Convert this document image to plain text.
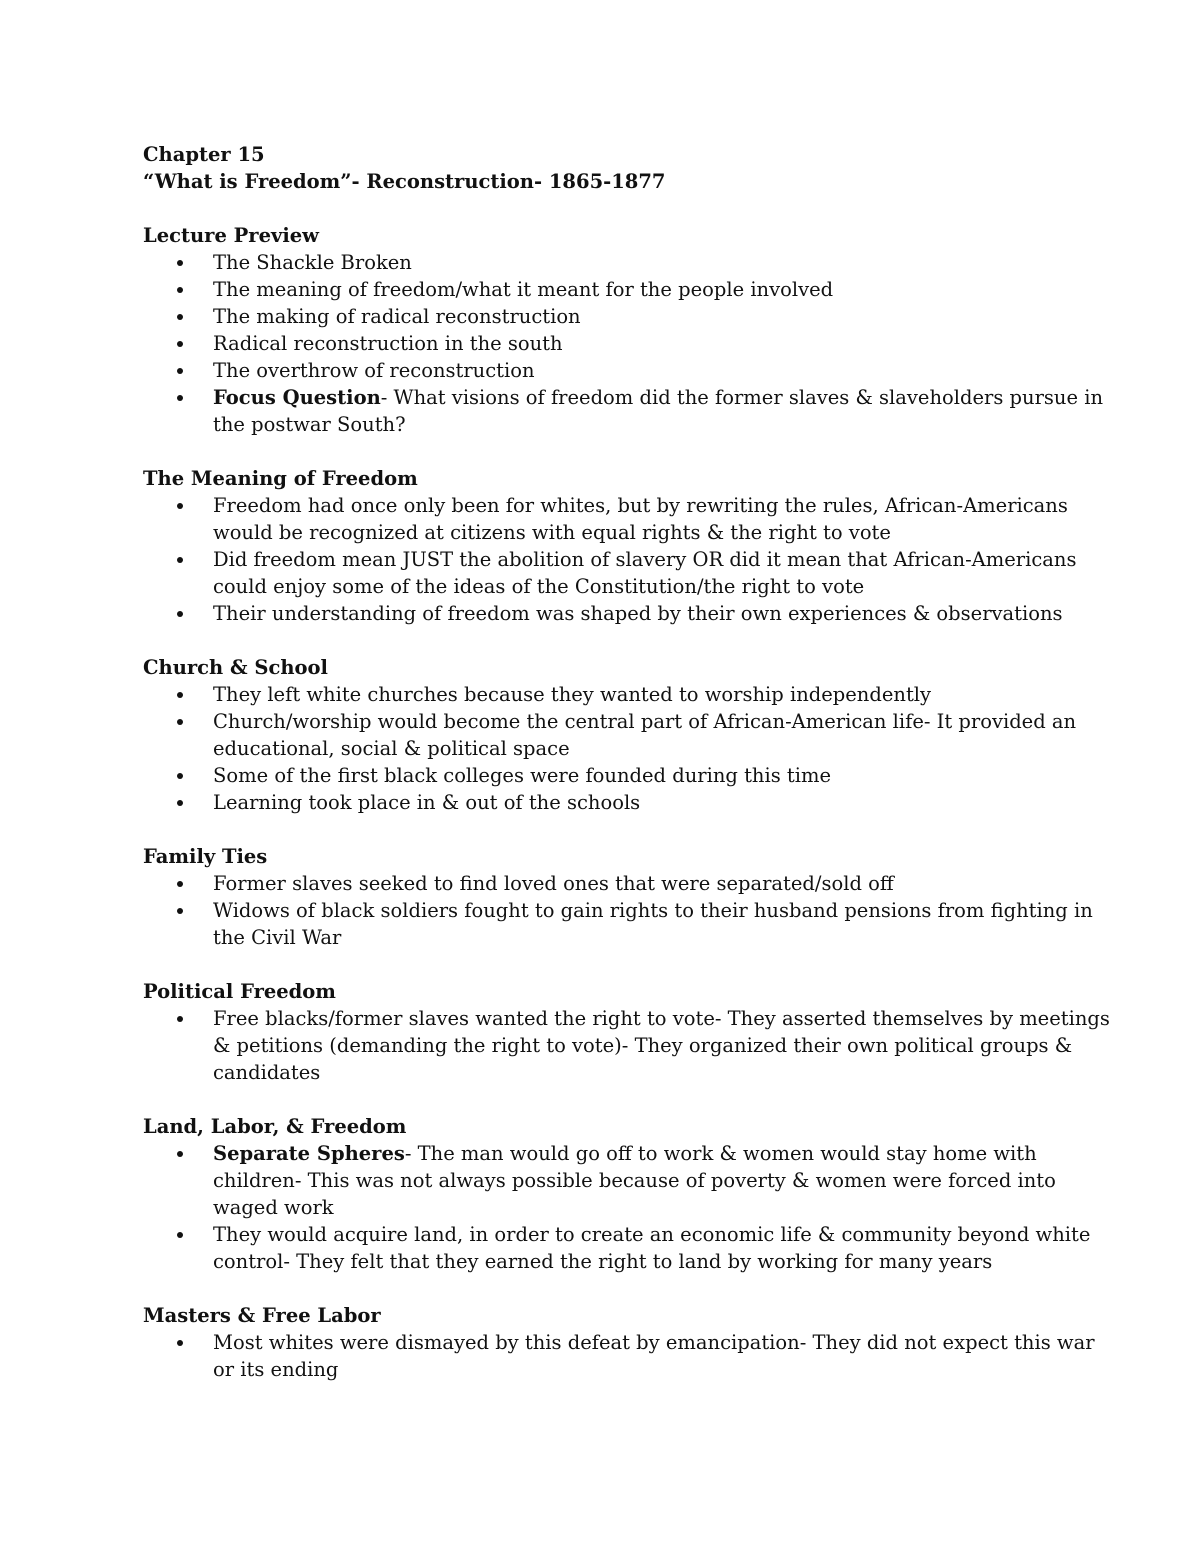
Chapter 15

“What is Freedom”- Reconstruction- 1865-1877

Lecture Preview

The Shackle Broken

The meaning of freedom/what it meant for the people involved

The making of radical reconstruction

Radical reconstruction in the south

The overthrow of reconstruction

Focus Question- What visions of freedom did the former slaves & slaveholders pursue in

the postwar South?

The Meaning of Freedom

Freedom had once only been for whites, but by rewriting the rules, African-Americans

would be recognized at citizens with equal rights & the right to vote

Did freedom mean JUST the abolition of slavery OR did it mean that African-Americans

could enjoy some of the ideas of the Constitution/the right to vote

Their understanding of freedom was shaped by their own experiences & observations

Church & School

They left white churches because they wanted to worship independently

Church/worship would become the central part of African-American life- It provided an

educational, social & political space

Some of the first black colleges were founded during this time

Learning took place in & out of the schools

Family Ties

Former slaves seeked to find loved ones that were separated/sold off

Widows of black soldiers fought to gain rights to their husband pensions from fighting in

the Civil War

Political Freedom

Free blacks/former slaves wanted the right to vote- They asserted themselves by meetings

& petitions (demanding the right to vote)- They organized their own political groups &

candidates

Land, Labor, & Freedom

Separate Spheres- The man would go off to work & women would stay home with

children- This was not always possible because of poverty & women were forced into

waged work

They would acquire land, in order to create an economic life & community beyond white

control- They felt that they earned the right to land by working for many years

Masters & Free Labor

Most whites were dismayed by this defeat by emancipation- They did not expect this war

or its ending
